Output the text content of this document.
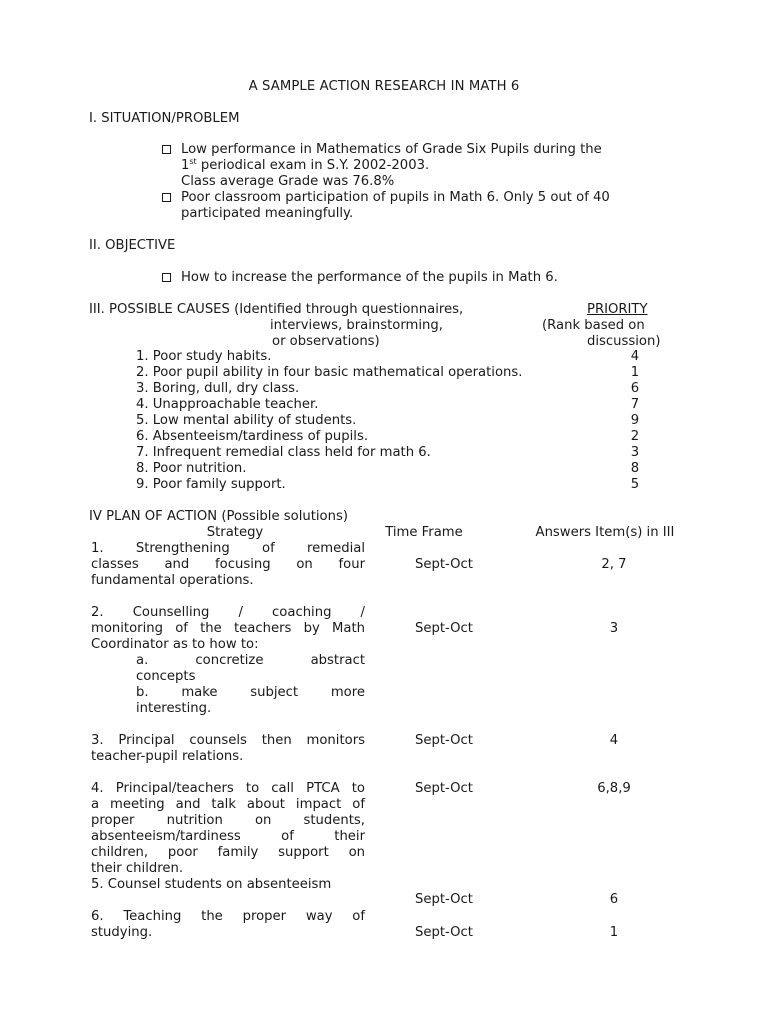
A SAMPLE ACTION RESEARCH IN MATH 6
I. SITUATION/PROBLEM
Low performance in Mathematics of Grade Six Pupils during the
1st periodical exam in S.Y. 2002-2003.
Class average Grade was 76.8%
Poor classroom participation of pupils in Math 6. Only 5 out of 40
participated meaningfully.
II. OBJECTIVE
How to increase the performance of the pupils in Math 6.
III. POSSIBLE CAUSES (Identified through questionnaires,
interviews, brainstorming,
or observations)
PRIORITY
(Rank based on
discussion)
1. Poor study habits.	4
2. Poor pupil ability in four basic mathematical operations.	1
3. Boring, dull, dry class.	6
4. Unapproachable teacher.	7
5. Low mental ability of students.	9
6. Absenteeism/tardiness of pupils.	2
7. Infrequent remedial class held for math 6.	3
8. Poor nutrition.	8
9. Poor family support.	5
IV PLAN OF ACTION (Possible solutions)
Strategy	Time Frame	Answers Item(s) in III
1. Strengthening of remedial
classes and focusing on four
fundamental operations.
Sept-Oct	2, 7
2. Counselling / coaching /
monitoring of the teachers by Math
Coordinator as to how to:
a. concretize abstract
concepts
b. make subject more
interesting.
Sept-Oct	3
3. Principal counsels then monitors
teacher-pupil relations.
Sept-Oct	4
4. Principal/teachers to call PTCA to
a meeting and talk about impact of
proper nutrition on students,
absenteeism/tardiness of their
children, poor family support on
their children.
Sept-Oct	6,8,9
5. Counsel students on absenteeism
Sept-Oct	6
6. Teaching the proper way of
studying.	Sept-Oct	1
